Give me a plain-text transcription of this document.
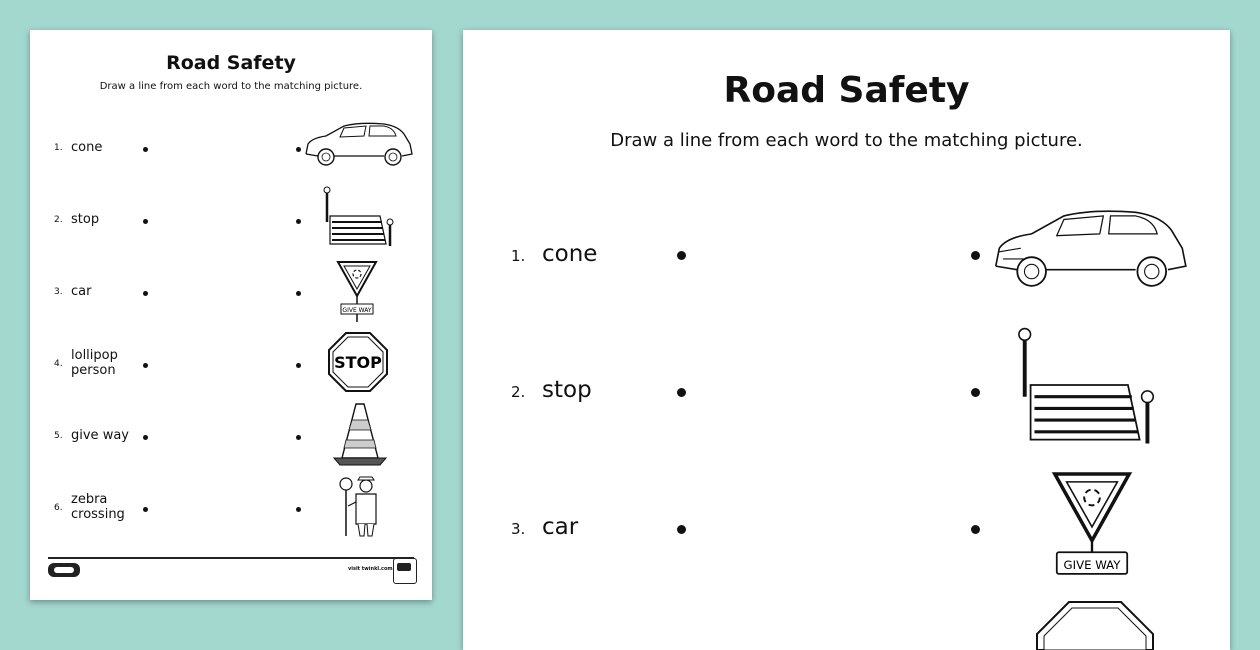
Road Safety
Draw a line from each word to the matching picture.
1. cone
2. stop
3. car
4.
lollipop
person
5. give way
6.
zebra
crossing
GIVE WAY
STOP
visit twinkl.com
Road Safety
Draw a line from each word to the matching picture.
1. cone
2. stop
3. car
GIVE WAY
